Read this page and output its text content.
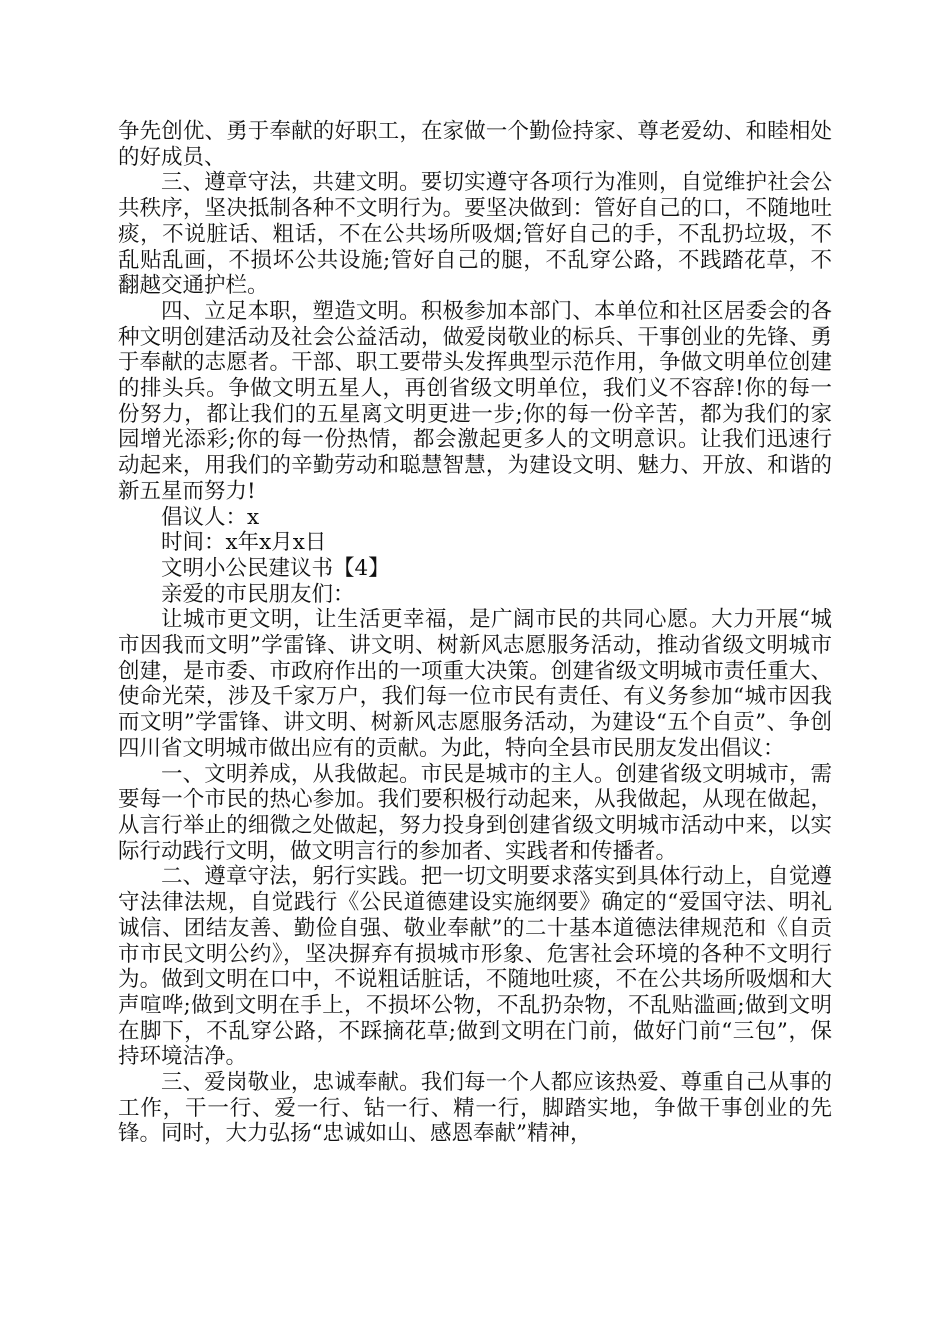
争先创优、勇于奉献的好职工，在家做一个勤俭持家、尊老爱幼、和睦相处的好成员、

三、遵章守法，共建文明。要切实遵守各项行为准则，自觉维护社会公共秩序，坚决抵制各种不文明行为。要坚决做到：管好自己的口，不随地吐痰，不说脏话、粗话，不在公共场所吸烟;管好自己的手，不乱扔垃圾，不乱贴乱画，不损坏公共设施;管好自己的腿，不乱穿公路，不践踏花草，不翻越交通护栏。

四、立足本职，塑造文明。积极参加本部门、本单位和社区居委会的各种文明创建活动及社会公益活动，做爱岗敬业的标兵、干事创业的先锋、勇于奉献的志愿者。干部、职工要带头发挥典型示范作用，争做文明单位创建的排头兵。争做文明五星人，再创省级文明单位，我们义不容辞!你的每一份努力，都让我们的五星离文明更进一步;你的每一份辛苦，都为我们的家园增光添彩;你的每一份热情，都会激起更多人的文明意识。让我们迅速行动起来，用我们的辛勤劳动和聪慧智慧，为建设文明、魅力、开放、和谐的新五星而努力!

倡议人：x

时间：x年x月x日

文明小公民建议书【4】

亲爱的市民朋友们：

让城市更文明，让生活更幸福，是广阔市民的共同心愿。大力开展“城市因我而文明”学雷锋、讲文明、树新风志愿服务活动，推动省级文明城市创建，是市委、市政府作出的一项重大决策。创建省级文明城市责任重大、使命光荣，涉及千家万户，我们每一位市民有责任、有义务参加“城市因我而文明”学雷锋、讲文明、树新风志愿服务活动，为建设“五个自贡”、争创四川省文明城市做出应有的贡献。为此，特向全县市民朋友发出倡议：

一、文明养成，从我做起。市民是城市的主人。创建省级文明城市，需要每一个市民的热心参加。我们要积极行动起来，从我做起，从现在做起，从言行举止的细微之处做起，努力投身到创建省级文明城市活动中来，以实际行动践行文明，做文明言行的参加者、实践者和传播者。

二、遵章守法，躬行实践。把一切文明要求落实到具体行动上，自觉遵守法律法规，自觉践行《公民道德建设实施纲要》确定的“爱国守法、明礼诚信、团结友善、勤俭自强、敬业奉献”的二十基本道德法律规范和《自贡市市民文明公约》，坚决摒弃有损城市形象、危害社会环境的各种不文明行为。做到文明在口中，不说粗话脏话，不随地吐痰，不在公共场所吸烟和大声喧哗;做到文明在手上，不损坏公物，不乱扔杂物，不乱贴滥画;做到文明在脚下，不乱穿公路，不踩摘花草;做到文明在门前，做好门前“三包”，保持环境洁净。

三、爱岗敬业，忠诚奉献。我们每一个人都应该热爱、尊重自己从事的工作，干一行、爱一行、钻一行、精一行，脚踏实地，争做干事创业的先锋。同时，大力弘扬“忠诚如山、感恩奉献”精神，
